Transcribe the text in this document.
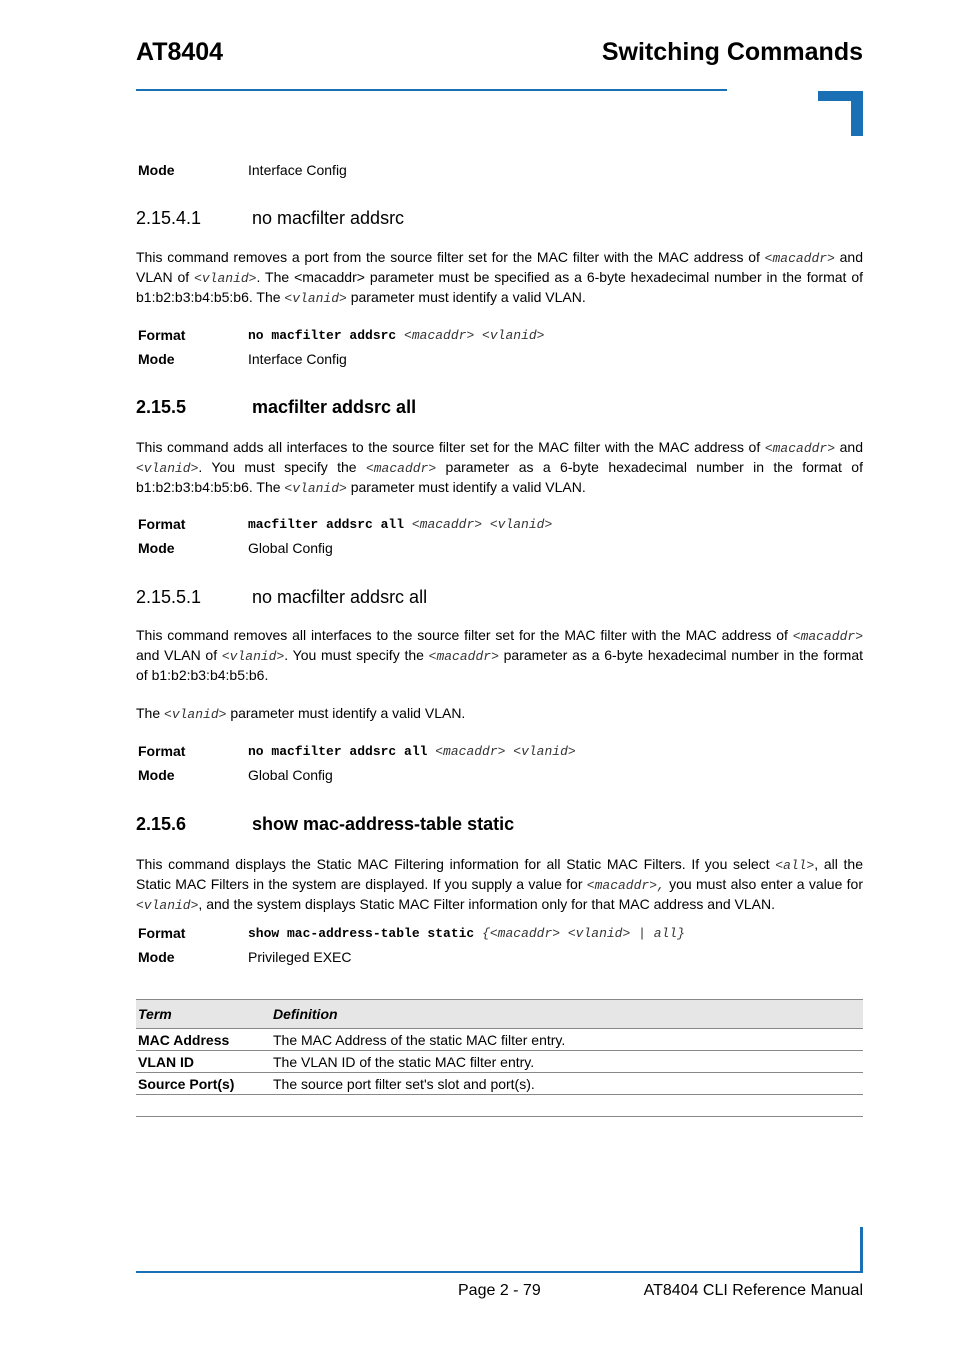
AT8404	Switching Commands
Mode	Interface Config
2.15.4.1	no macfilter addsrc
This command removes a port from the source filter set for the MAC filter with the MAC address of <macaddr> and VLAN of <vlanid>. The <macaddr> parameter must be specified as a 6-byte hexadecimal number in the format of b1:b2:b3:b4:b5:b6. The <vlanid> parameter must identify a valid VLAN.
Format	no macfilter addsrc <macaddr> <vlanid>
Mode	Interface Config
2.15.5	macfilter addsrc all
This command adds all interfaces to the source filter set for the MAC filter with the MAC address of <macaddr> and <vlanid>. You must specify the <macaddr> parameter as a 6-byte hexadecimal number in the format of b1:b2:b3:b4:b5:b6. The <vlanid> parameter must identify a valid VLAN.
Format	macfilter addsrc all <macaddr> <vlanid>
Mode	Global Config
2.15.5.1	no macfilter addsrc all
This command removes all interfaces to the source filter set for the MAC filter with the MAC address of <macaddr> and VLAN of <vlanid>. You must specify the <macaddr> parameter as a 6-byte hexadecimal number in the format of b1:b2:b3:b4:b5:b6.
The <vlanid> parameter must identify a valid VLAN.
Format	no macfilter addsrc all <macaddr> <vlanid>
Mode	Global Config
2.15.6	show mac-address-table static
This command displays the Static MAC Filtering information for all Static MAC Filters. If you select <all>, all the Static MAC Filters in the system are displayed. If you supply a value for <macaddr>, you must also enter a value for <vlanid>, and the system displays Static MAC Filter information only for that MAC address and VLAN.
Format	show mac-address-table static {<macaddr> <vlanid> | all}
Mode	Privileged EXEC
Term	Definition
MAC Address	The MAC Address of the static MAC filter entry.
VLAN ID	The VLAN ID of the static MAC filter entry.
Source Port(s)	The source port filter set's slot and port(s).
Page 2 - 79	AT8404 CLI Reference Manual
